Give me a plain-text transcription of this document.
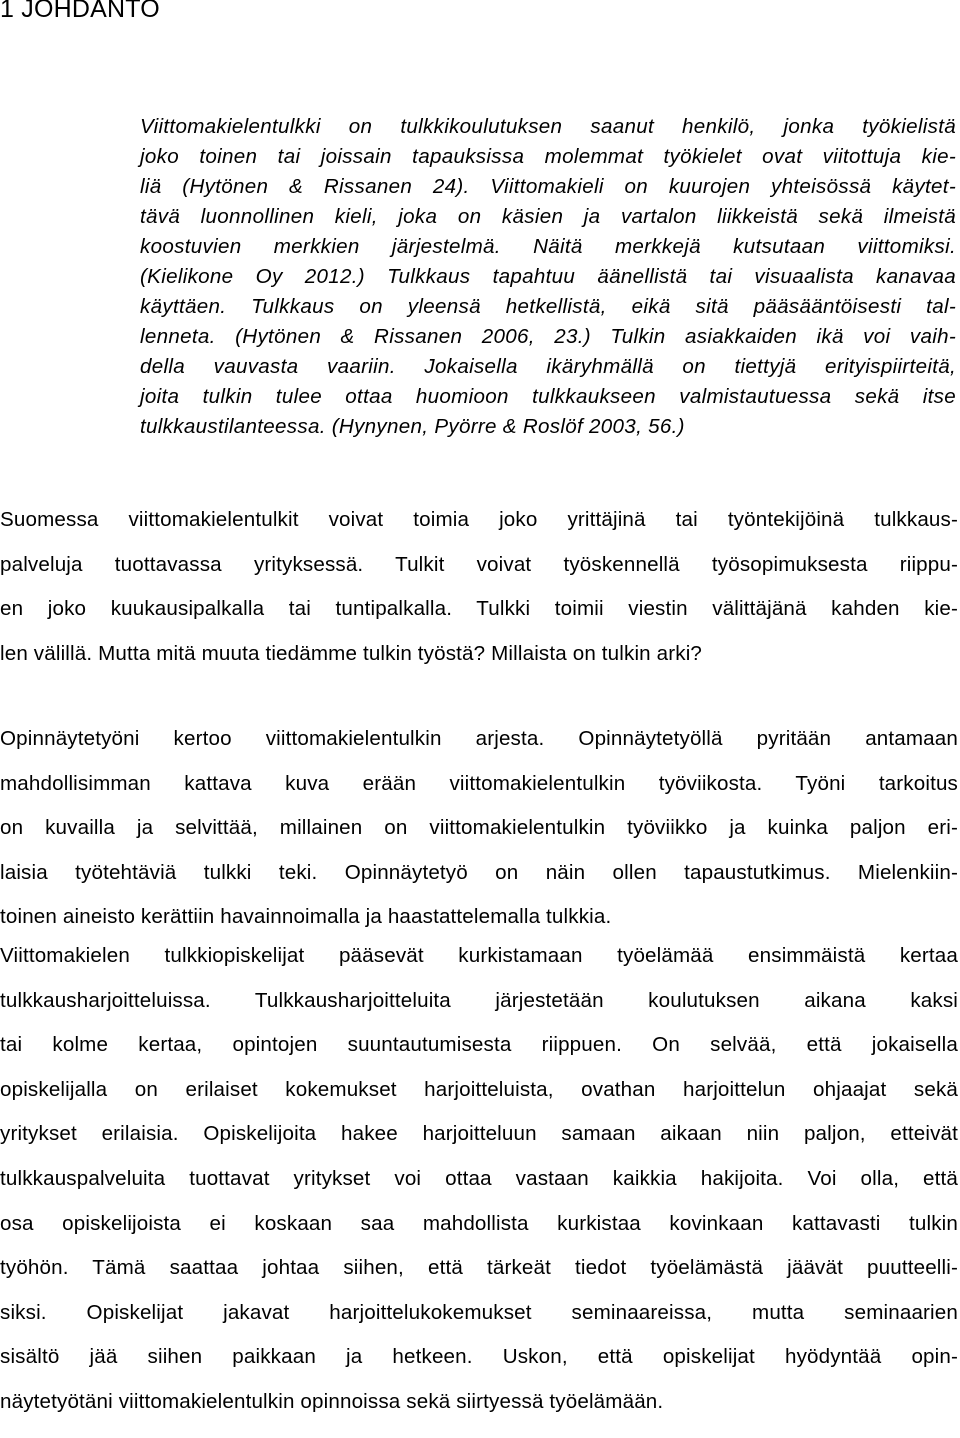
1 JOHDANTO
Viittomakielentulkki on tulkkikoulutuksen saanut henkilö, jonka työkielistä
joko toinen tai joissain tapauksissa molemmat työkielet ovat viitottuja kie-
liä (Hytönen & Rissanen 24). Viittomakieli on kuurojen yhteisössä käytet-
tävä luonnollinen kieli, joka on käsien ja vartalon liikkeistä sekä ilmeistä
koostuvien merkkien järjestelmä. Näitä merkkejä kutsutaan viittomiksi.
(Kielikone Oy 2012.) Tulkkaus tapahtuu äänellistä tai visuaalista kanavaa
käyttäen. Tulkkaus on yleensä hetkellistä, eikä sitä pääsääntöisesti tal-
lenneta. (Hytönen & Rissanen 2006, 23.) Tulkin asiakkaiden ikä voi vaih-
della vauvasta vaariin. Jokaisella ikäryhmällä on tiettyjä erityispiirteitä,
joita tulkin tulee ottaa huomioon tulkkaukseen valmistautuessa sekä itse
tulkkaustilanteessa. (Hynynen, Pyörre & Roslöf 2003, 56.)
Suomessa viittomakielentulkit voivat toimia joko yrittäjinä tai työntekijöinä tulkkaus-
palveluja tuottavassa yrityksessä. Tulkit voivat työskennellä työsopimuksesta riippu-
en joko kuukausipalkalla tai tuntipalkalla. Tulkki toimii viestin välittäjänä kahden kie-
len välillä. Mutta mitä muuta tiedämme tulkin työstä? Millaista on tulkin arki?
Opinnäytetyöni kertoo viittomakielentulkin arjesta. Opinnäytetyöllä pyritään antamaan
mahdollisimman kattava kuva erään viittomakielentulkin työviikosta. Työni tarkoitus
on kuvailla ja selvittää, millainen on viittomakielentulkin työviikko ja kuinka paljon eri-
laisia työtehtäviä tulkki teki. Opinnäytetyö on näin ollen tapaustutkimus. Mielenkiin-
toinen aineisto kerättiin havainnoimalla ja haastattelemalla tulkkia.
Viittomakielen tulkkiopiskelijat pääsevät kurkistamaan työelämää ensimmäistä kertaa
tulkkausharjoitteluissa. Tulkkausharjoitteluita järjestetään koulutuksen aikana kaksi
tai kolme kertaa, opintojen suuntautumisesta riippuen. On selvää, että jokaisella
opiskelijalla on erilaiset kokemukset harjoitteluista, ovathan harjoittelun ohjaajat sekä
yritykset erilaisia. Opiskelijoita hakee harjoitteluun samaan aikaan niin paljon, etteivät
tulkkauspalveluita tuottavat yritykset voi ottaa vastaan kaikkia hakijoita. Voi olla, että
osa opiskelijoista ei koskaan saa mahdollista kurkistaa kovinkaan kattavasti tulkin
työhön. Tämä saattaa johtaa siihen, että tärkeät tiedot työelämästä jäävät puutteelli-
siksi. Opiskelijat jakavat harjoittelukokemukset seminaareissa, mutta seminaarien
sisältö jää siihen paikkaan ja hetkeen. Uskon, että opiskelijat hyödyntää opin-
näytetyötäni viittomakielentulkin opinnoissa sekä siirtyessä työelämään.
